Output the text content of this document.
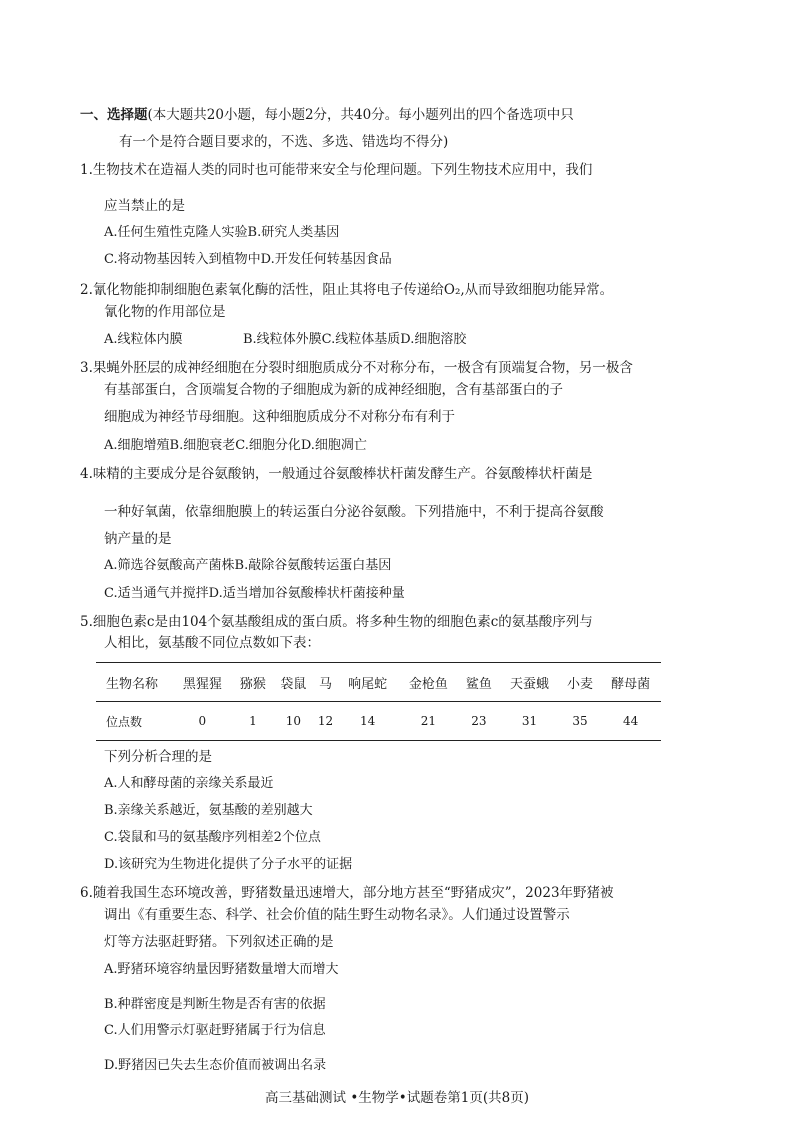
一、选择题(本大题共20小题，每小题2分，共40分。每小题列出的四个备选项中只
有一个是符合题目要求的，不选、多选、错选均不得分)
1.生物技术在造福人类的同时也可能带来安全与伦理问题。下列生物技术应用中，我们
应当禁止的是
A.任何生殖性克隆人实验B.研究人类基因
C.将动物基因转入到植物中D.开发任何转基因食品
2.氰化物能抑制细胞色素氧化酶的活性，阻止其将电子传递给O₂,从而导致细胞功能异常。
氰化物的作用部位是
A.线粒体内膜	B.线粒体外膜C.线粒体基质D.细胞溶胶
3.果蝇外胚层的成神经细胞在分裂时细胞质成分不对称分布，一极含有顶端复合物，另一极含
有基部蛋白，含顶端复合物的子细胞成为新的成神经细胞，含有基部蛋白的子
细胞成为神经节母细胞。这种细胞质成分不对称分布有利于
A.细胞增殖B.细胞衰老C.细胞分化D.细胞凋亡
4.味精的主要成分是谷氨酸钠，一般通过谷氨酸棒状杆菌发酵生产。谷氨酸棒状杆菌是
一种好氧菌，依靠细胞膜上的转运蛋白分泌谷氨酸。下列措施中，不利于提高谷氨酸
钠产量的是
A.筛选谷氨酸高产菌株B.敲除谷氨酸转运蛋白基因
C.适当通气并搅拌D.适当增加谷氨酸棒状杆菌接种量
5.细胞色素c是由104个氨基酸组成的蛋白质。将多种生物的细胞色素c的氨基酸序列与
人相比，氨基酸不同位点数如下表：
生物名称	黑猩猩	猕猴	袋鼠	马	响尾蛇	金枪鱼	鲨鱼	天蚕蛾	小麦	酵母菌
位点数	0	1	10	12	14	21	23	31	35	44
下列分析合理的是
A.人和酵母菌的亲缘关系最近
B.亲缘关系越近，氨基酸的差别越大
C.袋鼠和马的氨基酸序列相差2个位点
D.该研究为生物进化提供了分子水平的证据
6.随着我国生态环境改善，野猪数量迅速增大，部分地方甚至“野猪成灾”，2023年野猪被
调出《有重要生态、科学、社会价值的陆生野生动物名录》。人们通过设置警示
灯等方法驱赶野猪。下列叙述正确的是
A.野猪环境容纳量因野猪数量增大而增大
B.种群密度是判断生物是否有害的依据
C.人们用警示灯驱赶野猪属于行为信息
D.野猪因已失去生态价值而被调出名录
高三基础测试 •生物学•试题卷第1页(共8页)
